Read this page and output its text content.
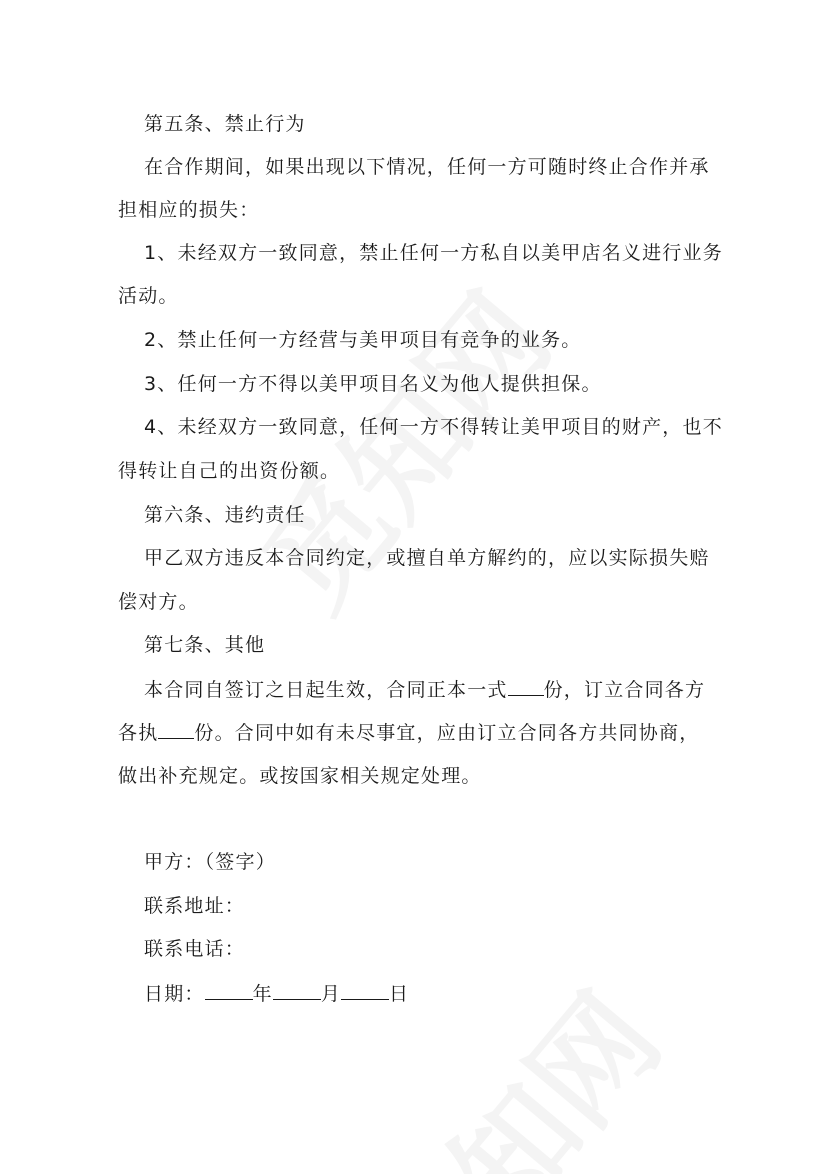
第五条、禁止行为
在合作期间，如果出现以下情况，任何一方可随时终止合作并承
担相应的损失：
1、未经双方一致同意，禁止任何一方私自以美甲店名义进行业务
活动。
2、禁止任何一方经营与美甲项目有竞争的业务。
3、任何一方不得以美甲项目名义为他人提供担保。
4、未经双方一致同意，任何一方不得转让美甲项目的财产，也不
得转让自己的出资份额。
第六条、违约责任
甲乙双方违反本合同约定，或擅自单方解约的，应以实际损失赔
偿对方。
第七条、其他
本合同自签订之日起生效，合同正本一式 份，订立合同各方
各执 份。合同中如有未尽事宜，应由订立合同各方共同协商，
做出补充规定。或按国家相关规定处理。
甲方：（签字）
联系地址：
联系电话：
日期：	年	月	日
